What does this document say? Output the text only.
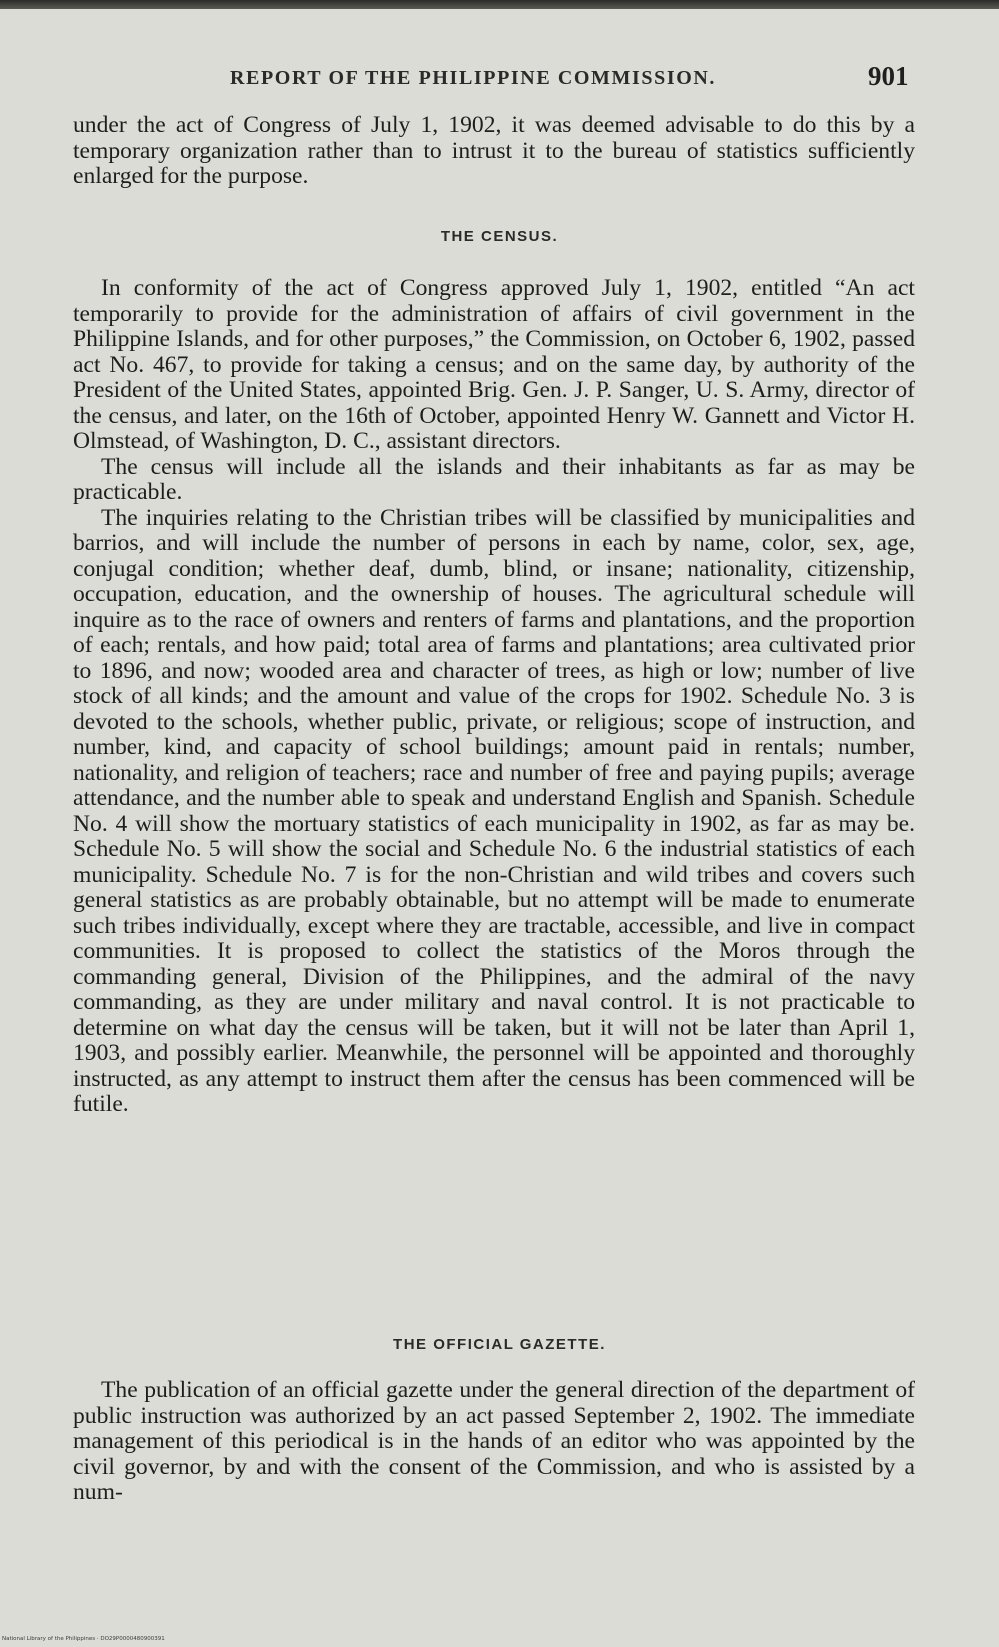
REPORT OF THE PHILIPPINE COMMISSION.	901

under the act of Congress of July 1, 1902, it was deemed advisable to do this by a temporary organization rather than to intrust it to the bureau of statistics sufficiently enlarged for the purpose.

THE CENSUS.

In conformity of the act of Congress approved July 1, 1902, entitled “An act temporarily to provide for the administration of affairs of civil government in the Philippine Islands, and for other purposes,” the Commission, on October 6, 1902, passed act No. 467, to provide for taking a census; and on the same day, by authority of the President of the United States, appointed Brig. Gen. J. P. Sanger, U. S. Army, director of the census, and later, on the 16th of October, appointed Henry W. Gannett and Victor H. Olmstead, of Washington, D. C., assistant directors.

The census will include all the islands and their inhabitants as far as may be practicable.

The inquiries relating to the Christian tribes will be classified by municipalities and barrios, and will include the number of persons in each by name, color, sex, age, conjugal condition; whether deaf, dumb, blind, or insane; nationality, citizenship, occupation, education, and the ownership of houses. The agricultural schedule will inquire as to the race of owners and renters of farms and plantations, and the proportion of each; rentals, and how paid; total area of farms and plantations; area cultivated prior to 1896, and now; wooded area and character of trees, as high or low; number of live stock of all kinds; and the amount and value of the crops for 1902. Schedule No. 3 is devoted to the schools, whether public, private, or religious; scope of instruction, and number, kind, and capacity of school buildings; amount paid in rentals; number, nationality, and religion of teachers; race and number of free and paying pupils; average attendance, and the number able to speak and understand English and Spanish. Schedule No. 4 will show the mortuary statistics of each municipality in 1902, as far as may be. Schedule No. 5 will show the social and Schedule No. 6 the industrial statistics of each municipality. Schedule No. 7 is for the non-Christian and wild tribes and covers such general statistics as are probably obtainable, but no attempt will be made to enumerate such tribes individually, except where they are tractable, accessible, and live in compact communities. It is proposed to collect the statistics of the Moros through the commanding general, Division of the Philippines, and the admiral of the navy commanding, as they are under military and naval control. It is not practicable to determine on what day the census will be taken, but it will not be later than April 1, 1903, and possibly earlier. Meanwhile, the personnel will be appointed and thoroughly instructed, as any attempt to instruct them after the census has been commenced will be futile.

THE OFFICIAL GAZETTE.

The publication of an official gazette under the general direction of the department of public instruction was authorized by an act passed September 2, 1902. The immediate management of this periodical is in the hands of an editor who was appointed by the civil governor, by and with the consent of the Commission, and who is assisted by a num-

National Library of the Philippines · DO29P0000480900391
